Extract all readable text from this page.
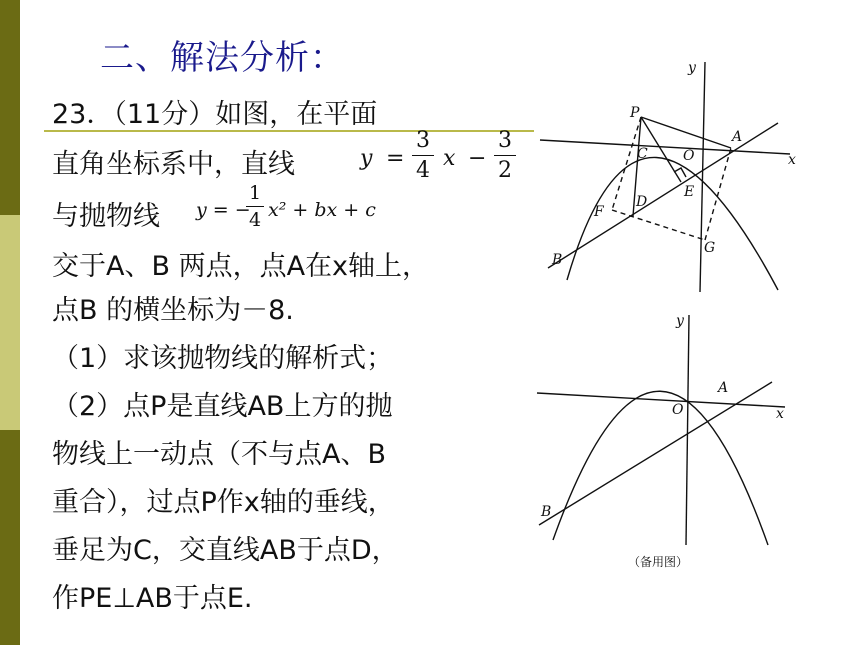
二、解法分析：
23．（11分）如图，在平面
直角坐标系中，直线	y =
3
4 x −
3
2
与抛物线 y = −
1
4 x² + bx + c
交于A、B 两点，点A在x轴上，
点B 的横坐标为－8.
（1）求该抛物线的解析式；
（2）点P是直线AB上方的抛
物线上一动点（不与点A、B
重合），过点P作x轴的垂线，
垂足为C，交直线AB于点D，
作PE⊥AB于点E.
y
x
P
A
C	O
E
D
F
G
B
y
x
A
O
B
（备用图）
